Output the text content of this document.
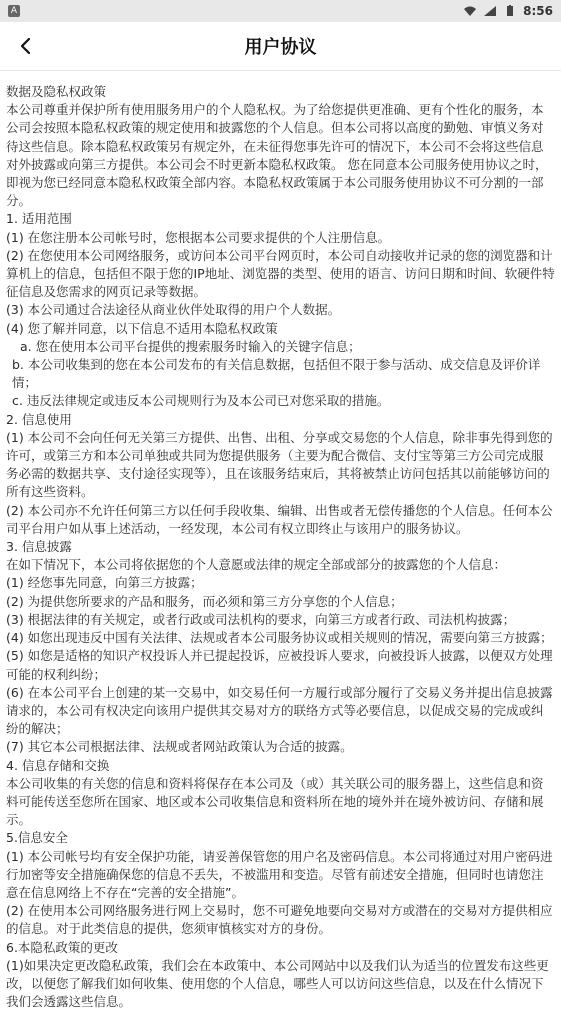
A	8:56
用户协议

数据及隐私权政策

本公司尊重并保护所有使用服务用户的个人隐私权。为了给您提供更准确、更有个性化的服务，本公司会按照本隐私权政策的规定使用和披露您的个人信息。但本公司将以高度的勤勉、审慎义务对待这些信息。除本隐私权政策另有规定外，在未征得您事先许可的情况下，本公司不会将这些信息对外披露或向第三方提供。本公司会不时更新本隐私权政策。 您在同意本公司服务使用协议之时，即视为您已经同意本隐私权政策全部内容。本隐私权政策属于本公司服务使用协议不可分割的一部分。

1. 适用范围

(1) 在您注册本公司帐号时，您根据本公司要求提供的个人注册信息。

(2) 在您使用本公司网络服务，或访问本公司平台网页时，本公司自动接收并记录的您的浏览器和计算机上的信息，包括但不限于您的IP地址、浏览器的类型、使用的语言、访问日期和时间、软硬件特征信息及您需求的网页记录等数据。

(3) 本公司通过合法途径从商业伙伴处取得的用户个人数据。

(4) 您了解并同意，以下信息不适用本隐私权政策

a. 您在使用本公司平台提供的搜索服务时输入的关键字信息；

b. 本公司收集到的您在本公司发布的有关信息数据，包括但不限于参与活动、成交信息及评价详情；

c. 违反法律规定或违反本公司规则行为及本公司已对您采取的措施。

2. 信息使用

(1) 本公司不会向任何无关第三方提供、出售、出租、分享或交易您的个人信息，除非事先得到您的许可，或第三方和本公司单独或共同为您提供服务（主要为配合微信、支付宝等第三方公司完成服务必需的数据共享、支付途径实现等），且在该服务结束后，其将被禁止访问包括其以前能够访问的所有这些资料。

(2) 本公司亦不允许任何第三方以任何手段收集、编辑、出售或者无偿传播您的个人信息。任何本公司平台用户如从事上述活动，一经发现，本公司有权立即终止与该用户的服务协议。

3. 信息披露

在如下情况下，本公司将依据您的个人意愿或法律的规定全部或部分的披露您的个人信息：

(1) 经您事先同意，向第三方披露；

(2) 为提供您所要求的产品和服务，而必须和第三方分享您的个人信息；

(3) 根据法律的有关规定，或者行政或司法机构的要求，向第三方或者行政、司法机构披露；

(4) 如您出现违反中国有关法律、法规或者本公司服务协议或相关规则的情况，需要向第三方披露；

(5) 如您是适格的知识产权投诉人并已提起投诉，应被投诉人要求，向被投诉人披露，以便双方处理可能的权利纠纷；

(6) 在本公司平台上创建的某一交易中，如交易任何一方履行或部分履行了交易义务并提出信息披露请求的，本公司有权决定向该用户提供其交易对方的联络方式等必要信息，以促成交易的完成或纠纷的解决；

(7) 其它本公司根据法律、法规或者网站政策认为合适的披露。

4. 信息存储和交换

本公司收集的有关您的信息和资料将保存在本公司及（或）其关联公司的服务器上，这些信息和资料可能传送至您所在国家、地区或本公司收集信息和资料所在地的境外并在境外被访问、存储和展示。

5.信息安全

(1) 本公司帐号均有安全保护功能，请妥善保管您的用户名及密码信息。本公司将通过对用户密码进行加密等安全措施确保您的信息不丢失，不被滥用和变造。尽管有前述安全措施，但同时也请您注意在信息网络上不存在“完善的安全措施”。

(2) 在使用本公司网络服务进行网上交易时，您不可避免地要向交易对方或潜在的交易对方提供相应的信息。对于此类信息的提供，您须审慎核实对方的身份。

6.本隐私政策的更改

(1)如果决定更改隐私政策，我们会在本政策中、本公司网站中以及我们认为适当的位置发布这些更改，以便您了解我们如何收集、使用您的个人信息，哪些人可以访问这些信息，以及在什么情况下我们会透露这些信息。
